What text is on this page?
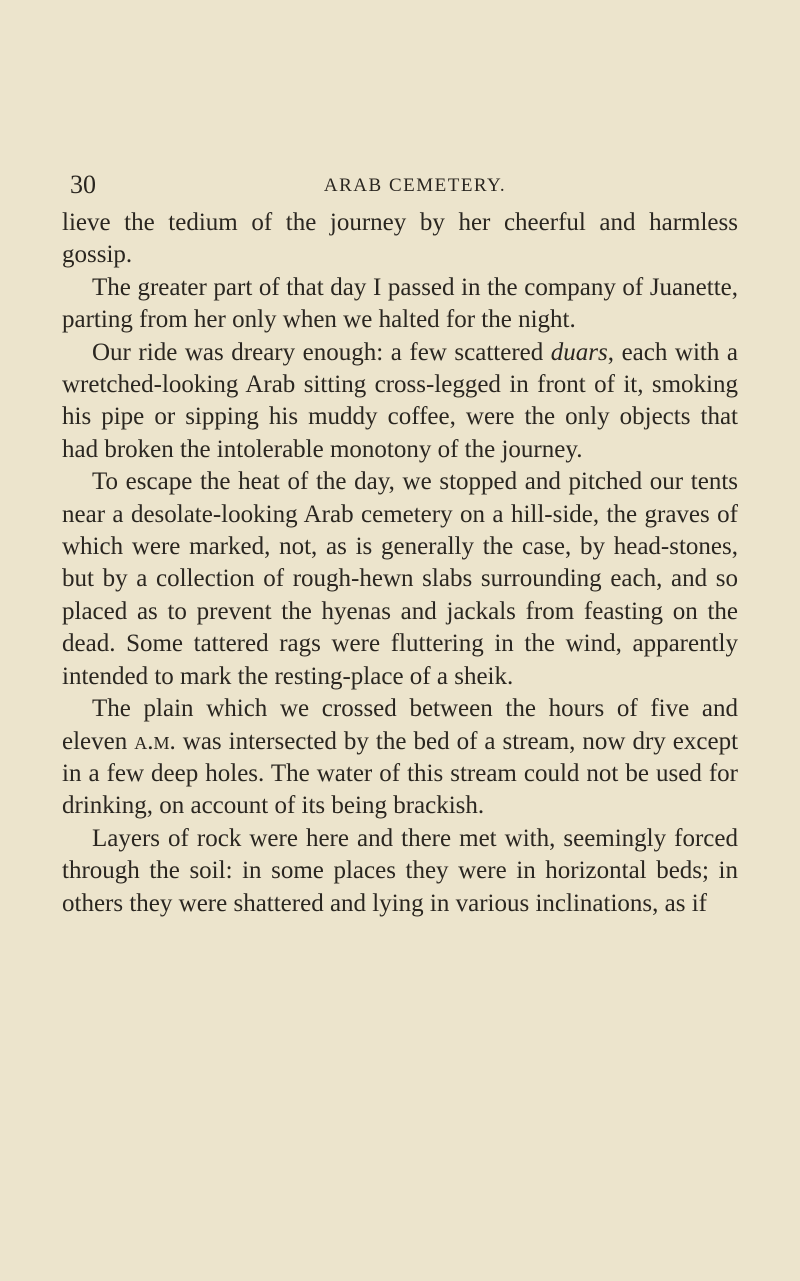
30	ARAB CEMETERY.

lieve the tedium of the journey by her cheerful and harmless gossip.

The greater part of that day I passed in the company of Juanette, parting from her only when we halted for the night.

Our ride was dreary enough: a few scattered duars, each with a wretched-looking Arab sitting cross-legged in front of it, smoking his pipe or sipping his muddy coffee, were the only objects that had broken the intolerable monotony of the journey.

To escape the heat of the day, we stopped and pitched our tents near a desolate-looking Arab cemetery on a hill-side, the graves of which were marked, not, as is generally the case, by head-stones, but by a collection of rough-hewn slabs surrounding each, and so placed as to prevent the hyenas and jackals from feasting on the dead. Some tattered rags were fluttering in the wind, apparently intended to mark the resting-place of a sheik.

The plain which we crossed between the hours of five and eleven a.m. was intersected by the bed of a stream, now dry except in a few deep holes. The water of this stream could not be used for drinking, on account of its being brackish.

Layers of rock were here and there met with, seemingly forced through the soil: in some places they were in horizontal beds; in others they were shattered and lying in various inclinations, as if
